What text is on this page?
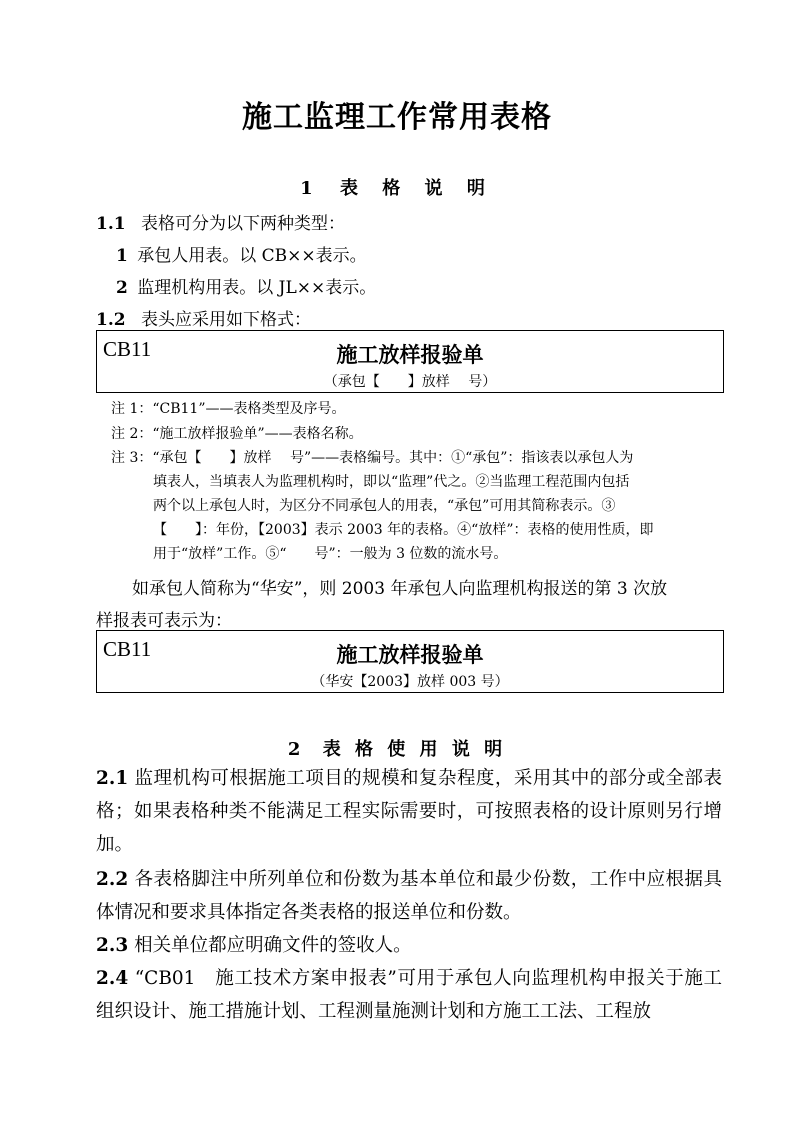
施工监理工作常用表格
1 表 格 说 明
1.1 表格可分为以下两种类型：
1 承包人用表。以 CB××表示。
2 监理机构用表。以 JL××表示。
1.2 表头应采用如下格式：
CB11	施工放样报验单
（承包【　　】放样　 号）
注 1：“CB11”——表格类型及序号。
注 2：“施工放样报验单”——表格名称。
注 3：“承包【　　】放样　 号”——表格编号。其中：①“承包”：指该表以承包人为
填表人，当填表人为监理机构时，即以“监理”代之。②当监理工程范围内包括
两个以上承包人时，为区分不同承包人的用表，“承包”可用其简称表示。③
【　　】：年份，【2003】表示 2003 年的表格。④“放样”：表格的使用性质，即
用于“放样”工作。⑤“　　号”：一般为 3 位数的流水号。
如承包人简称为“华安”，则 2003 年承包人向监理机构报送的第 3 次放
样报表可表示为：
CB11	施工放样报验单
（华安【2003】放样 003 号）
2 表 格 使 用 说 明
2.1 监理机构可根据施工项目的规模和复杂程度，采用其中的部分或全部表格；如果表格种类不能满足工程实际需要时，可按照表格的设计原则另行增加。
2.2 各表格脚注中所列单位和份数为基本单位和最少份数，工作中应根据具体情况和要求具体指定各类表格的报送单位和份数。
2.3 相关单位都应明确文件的签收人。
2.4 “CB01　施工技术方案申报表”可用于承包人向监理机构申报关于施工组织设计、施工措施计划、工程测量施测计划和方施工工法、工程放
